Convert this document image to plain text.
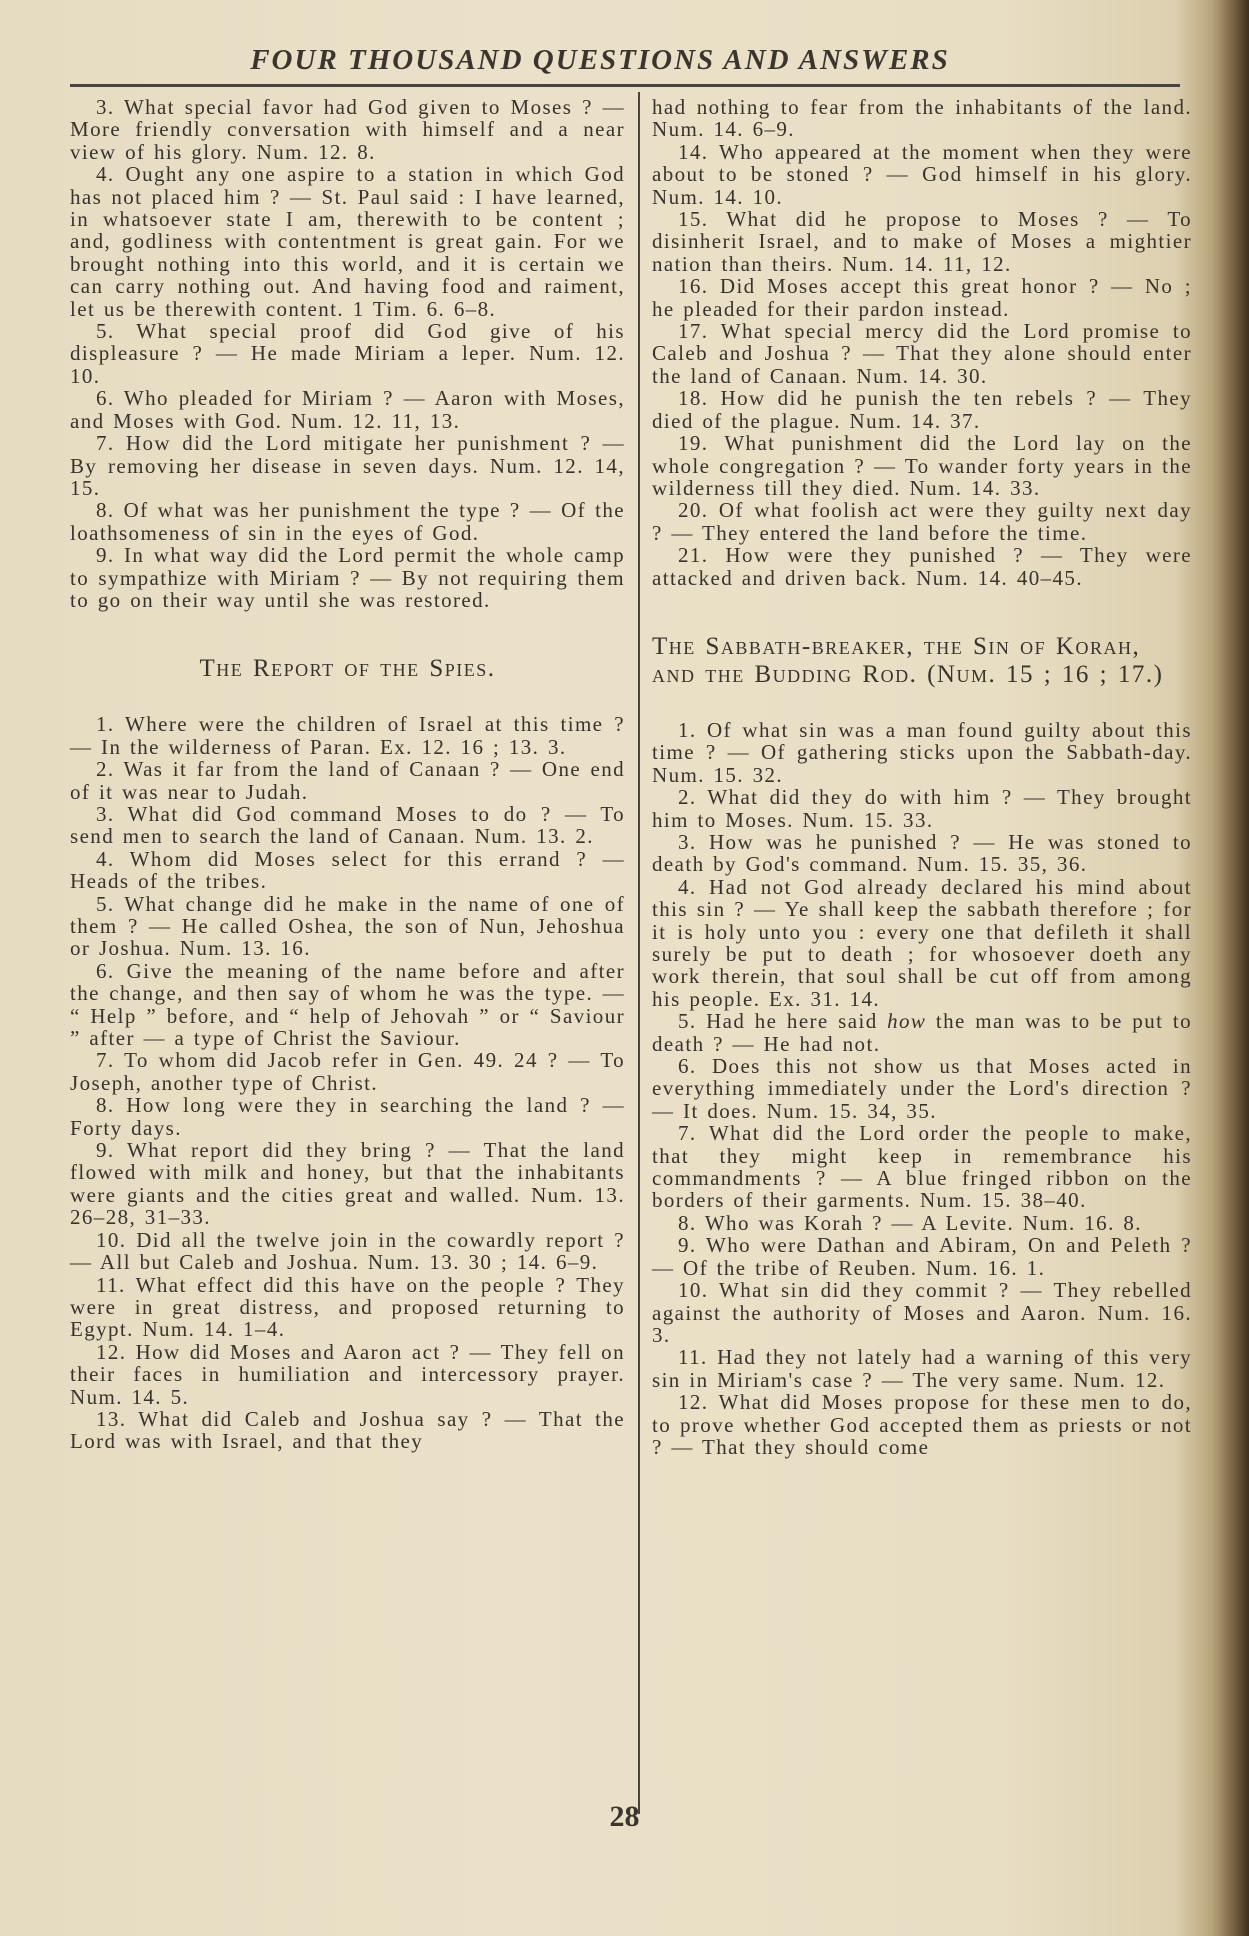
FOUR THOUSAND QUESTIONS AND ANSWERS

3. What special favor had God given to Moses ? — More friendly conversation with himself and a near view of his glory. Num. 12. 8.

4. Ought any one aspire to a station in which God has not placed him ? — St. Paul said : I have learned, in whatsoever state I am, therewith to be content ; and, godliness with contentment is great gain. For we brought nothing into this world, and it is certain we can carry nothing out. And having food and raiment, let us be therewith content. 1 Tim. 6. 6–8.

5. What special proof did God give of his displeasure ? — He made Miriam a leper. Num. 12. 10.

6. Who pleaded for Miriam ? — Aaron with Moses, and Moses with God. Num. 12. 11, 13.

7. How did the Lord mitigate her punishment ? — By removing her disease in seven days. Num. 12. 14, 15.

8. Of what was her punishment the type ? — Of the loathsomeness of sin in the eyes of God.

9. In what way did the Lord permit the whole camp to sympathize with Miriam ? — By not requiring them to go on their way until she was restored.

The Report of the Spies.

1. Where were the children of Israel at this time ? — In the wilderness of Paran. Ex. 12. 16 ; 13. 3.

2. Was it far from the land of Canaan ? — One end of it was near to Judah.

3. What did God command Moses to do ? — To send men to search the land of Canaan. Num. 13. 2.

4. Whom did Moses select for this errand ? — Heads of the tribes.

5. What change did he make in the name of one of them ? — He called Oshea, the son of Nun, Jehoshua or Joshua. Num. 13. 16.

6. Give the meaning of the name before and after the change, and then say of whom he was the type. — “ Help ” before, and “ help of Jehovah ” or “ Saviour ” after — a type of Christ the Saviour.

7. To whom did Jacob refer in Gen. 49. 24 ? — To Joseph, another type of Christ.

8. How long were they in searching the land ? — Forty days.

9. What report did they bring ? — That the land flowed with milk and honey, but that the inhabitants were giants and the cities great and walled. Num. 13. 26–28, 31–33.

10. Did all the twelve join in the cowardly report ? — All but Caleb and Joshua. Num. 13. 30 ; 14. 6–9.

11. What effect did this have on the people ? They were in great distress, and proposed returning to Egypt. Num. 14. 1–4.

12. How did Moses and Aaron act ? — They fell on their faces in humiliation and intercessory prayer. Num. 14. 5.

13. What did Caleb and Joshua say ? — That the Lord was with Israel, and that they

had nothing to fear from the inhabitants of the land. Num. 14. 6–9.

14. Who appeared at the moment when they were about to be stoned ? — God himself in his glory. Num. 14. 10.

15. What did he propose to Moses ? — To disinherit Israel, and to make of Moses a mightier nation than theirs. Num. 14. 11, 12.

16. Did Moses accept this great honor ? — No ; he pleaded for their pardon instead.

17. What special mercy did the Lord promise to Caleb and Joshua ? — That they alone should enter the land of Canaan. Num. 14. 30.

18. How did he punish the ten rebels ? — They died of the plague. Num. 14. 37.

19. What punishment did the Lord lay on the whole congregation ? — To wander forty years in the wilderness till they died. Num. 14. 33.

20. Of what foolish act were they guilty next day ? — They entered the land before the time.

21. How were they punished ? — They were attacked and driven back. Num. 14. 40–45.

The Sabbath-breaker, the Sin of Korah, and the Budding Rod. (Num. 15 ; 16 ; 17.)

1. Of what sin was a man found guilty about this time ? — Of gathering sticks upon the Sabbath-day. Num. 15. 32.

2. What did they do with him ? — They brought him to Moses. Num. 15. 33.

3. How was he punished ? — He was stoned to death by God's command. Num. 15. 35, 36.

4. Had not God already declared his mind about this sin ? — Ye shall keep the sabbath therefore ; for it is holy unto you : every one that defileth it shall surely be put to death ; for whosoever doeth any work therein, that soul shall be cut off from among his people. Ex. 31. 14.

5. Had he here said how the man was to be put to death ? — He had not.

6. Does this not show us that Moses acted in everything immediately under the Lord's direction ? — It does. Num. 15. 34, 35.

7. What did the Lord order the people to make, that they might keep in remembrance his commandments ? — A blue fringed ribbon on the borders of their garments. Num. 15. 38–40.

8. Who was Korah ? — A Levite. Num. 16. 8.

9. Who were Dathan and Abiram, On and Peleth ? — Of the tribe of Reuben. Num. 16. 1.

10. What sin did they commit ? — They rebelled against the authority of Moses and Aaron. Num. 16. 3.

11. Had they not lately had a warning of this very sin in Miriam's case ? — The very same. Num. 12.

12. What did Moses propose for these men to do, to prove whether God accepted them as priests or not ? — That they should come

28
